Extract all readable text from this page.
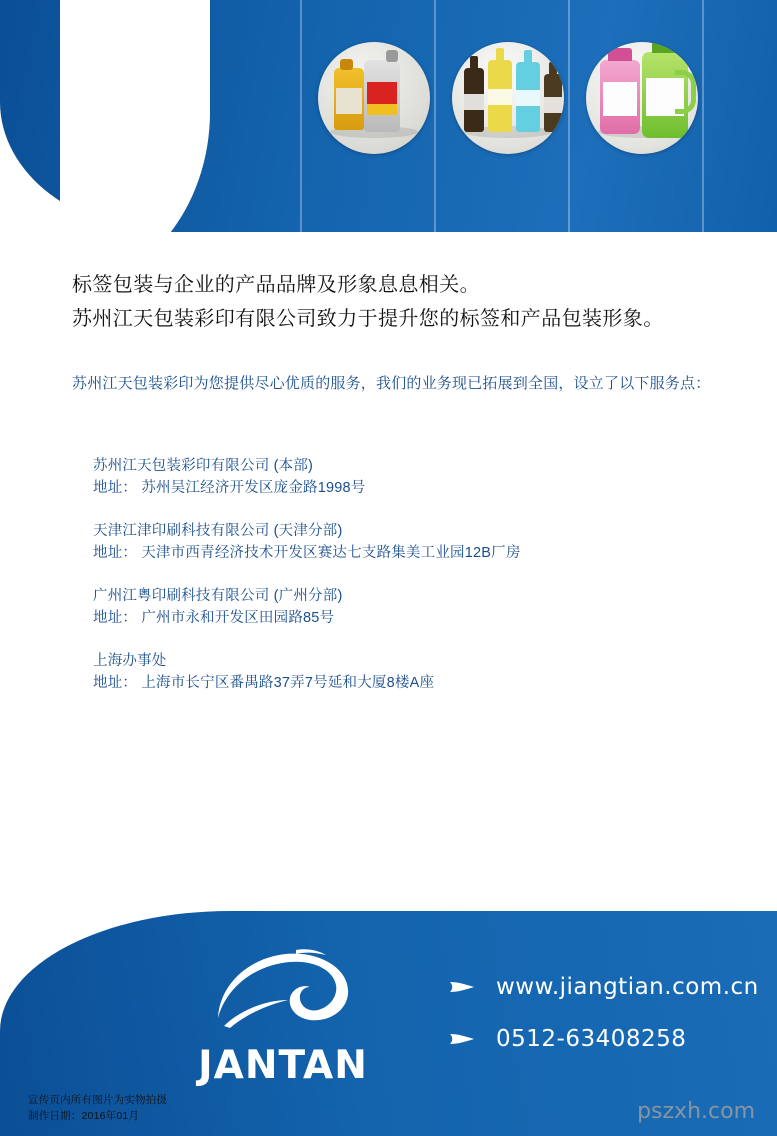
标签包装与企业的产品品牌及形象息息相关。
苏州江天包装彩印有限公司致力于提升您的标签和产品包装形象。
苏州江天包装彩印为您提供尽心优质的服务，我们的业务现已拓展到全国，设立了以下服务点：
苏州江天包装彩印有限公司 (本部)
地址： 苏州吴江经济开发区庞金路1998号
天津江津印刷科技有限公司 (天津分部)
地址： 天津市西青经济技术开发区赛达七支路集美工业园12B厂房
广州江粤印刷科技有限公司 (广州分部)
地址： 广州市永和开发区田园路85号
上海办事处
地址： 上海市长宁区番禺路37弄7号延和大厦8楼A座
JANTAN
www.jiangtian.com.cn
0512-63408258
宣传页内所有图片为实物拍摄
制作日期：2016年01月	pszxh.com
